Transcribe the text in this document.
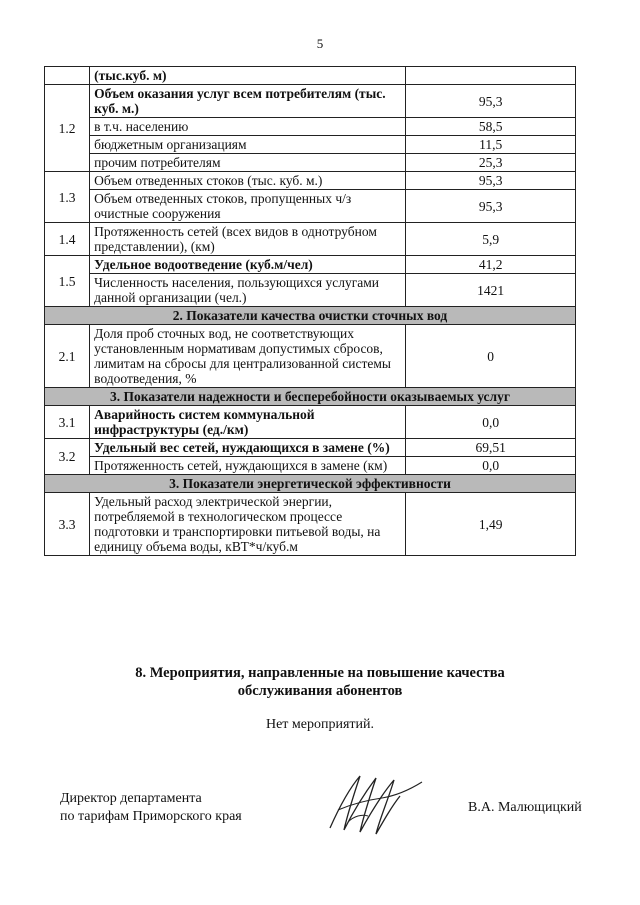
5
	(тыс.куб. м)	
1.2	Объем оказания услуг всем потребителям (тыс. куб. м.)	95,3
	в т.ч. населению	58,5
	бюджетным организациям	11,5
	прочим потребителям	25,3
1.3	Объем отведенных стоков (тыс. куб. м.)	95,3
	Объем отведенных стоков, пропущенных ч/з очистные сооружения	95,3
1.4	Протяженность сетей (всех видов в однотрубном представлении), (км)	5,9
1.5	Удельное водоотведение (куб.м/чел)	41,2
	Численность населения, пользующихся услугами данной организации (чел.)	1421
2. Показатели качества очистки сточных вод		
2.1	Доля проб сточных вод, не соответствующих установленным нормативам допустимых сбросов, лимитам на сбросы для централизованной системы водоотведения, %	0
3. Показатели надежности и бесперебойности оказываемых услуг		
3.1	Аварийность систем коммунальной инфраструктуры (ед./км)	0,0
3.2	Удельный вес сетей, нуждающихся в замене (%)	69,51
	Протяженность сетей, нуждающихся в замене (км)	0,0
3. Показатели энергетической эффективности		
3.3	Удельный расход электрической энергии, потребляемой в технологическом процессе подготовки и транспортировки питьевой воды, на единицу объема воды, кВТ*ч/куб.м	1,49
8. Мероприятия, направленные на повышение качества
обслуживания абонентов
Нет мероприятий.
Директор департамента
по тарифам Приморского края
В.А. Малющицкий
